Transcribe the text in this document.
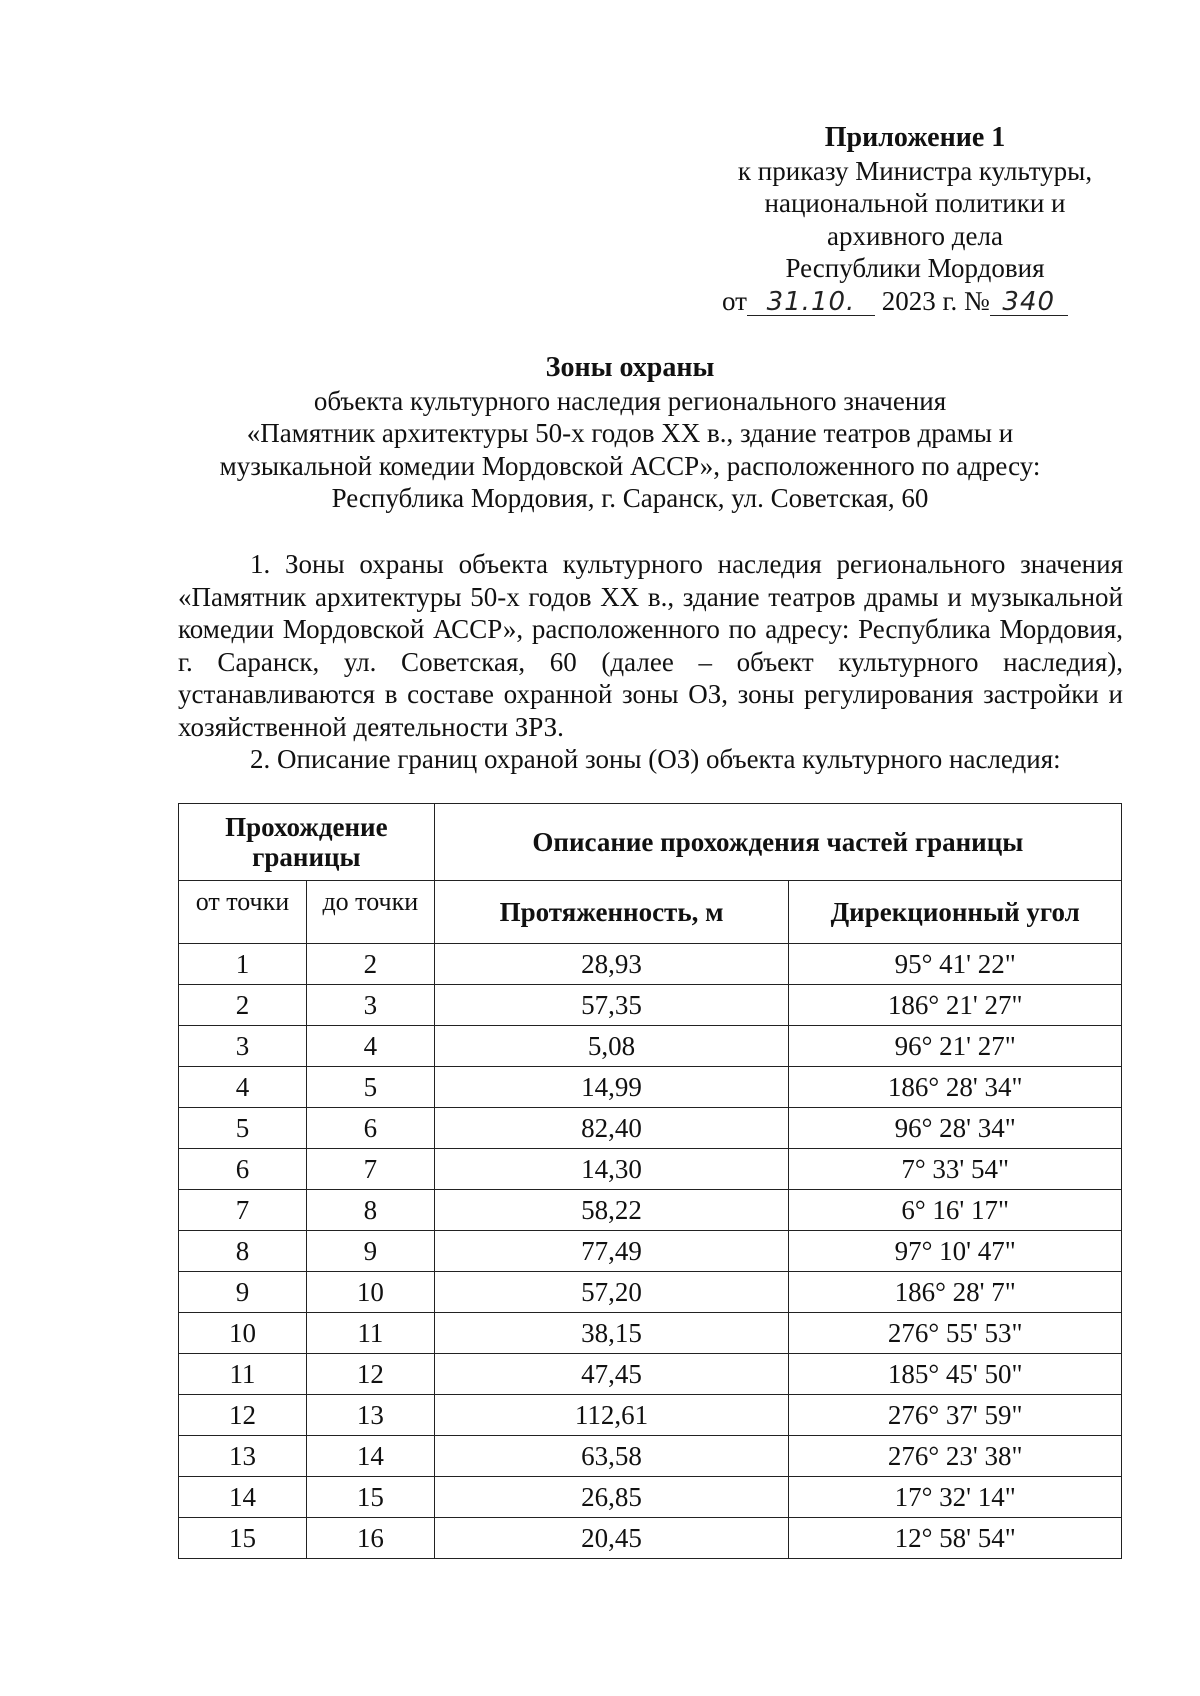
Приложение 1
к приказу Министра культуры,
национальной политики и
архивного дела
Республики Мордовия
от 31.10. 2023 г. № 340
Зоны охраны
объекта культурного наследия регионального значения
«Памятник архитектуры 50-х годов XX в., здание театров драмы и
музыкальной комедии Мордовской АССР», расположенного по адресу:
Республика Мордовия, г. Саранск, ул. Советская, 60

1. Зоны охраны объекта культурного наследия регионального значения «Памятник архитектуры 50-х годов XX в., здание театров драмы и музыкальной комедии Мордовской АССР», расположенного по адресу: Республика Мордовия, г. Саранск, ул. Советская, 60 (далее – объект культурного наследия), устанавливаются в составе охранной зоны ОЗ, зоны регулирования застройки и хозяйственной деятельности ЗРЗ.

2. Описание границ охраной зоны (ОЗ) объекта культурного наследия:

Прохождение границы		Описание прохождения частей границы	
от точки	до точки	Протяженность, м	Дирекционный угол
1	2	28,93	95° 41' 22"
2	3	57,35	186° 21' 27"
3	4	5,08	96° 21' 27"
4	5	14,99	186° 28' 34"
5	6	82,40	96° 28' 34"
6	7	14,30	7° 33' 54"
7	8	58,22	6° 16' 17"
8	9	77,49	97° 10' 47"
9	10	57,20	186° 28' 7"
10	11	38,15	276° 55' 53"
11	12	47,45	185° 45' 50"
12	13	112,61	276° 37' 59"
13	14	63,58	276° 23' 38"
14	15	26,85	17° 32' 14"
15	16	20,45	12° 58' 54"
